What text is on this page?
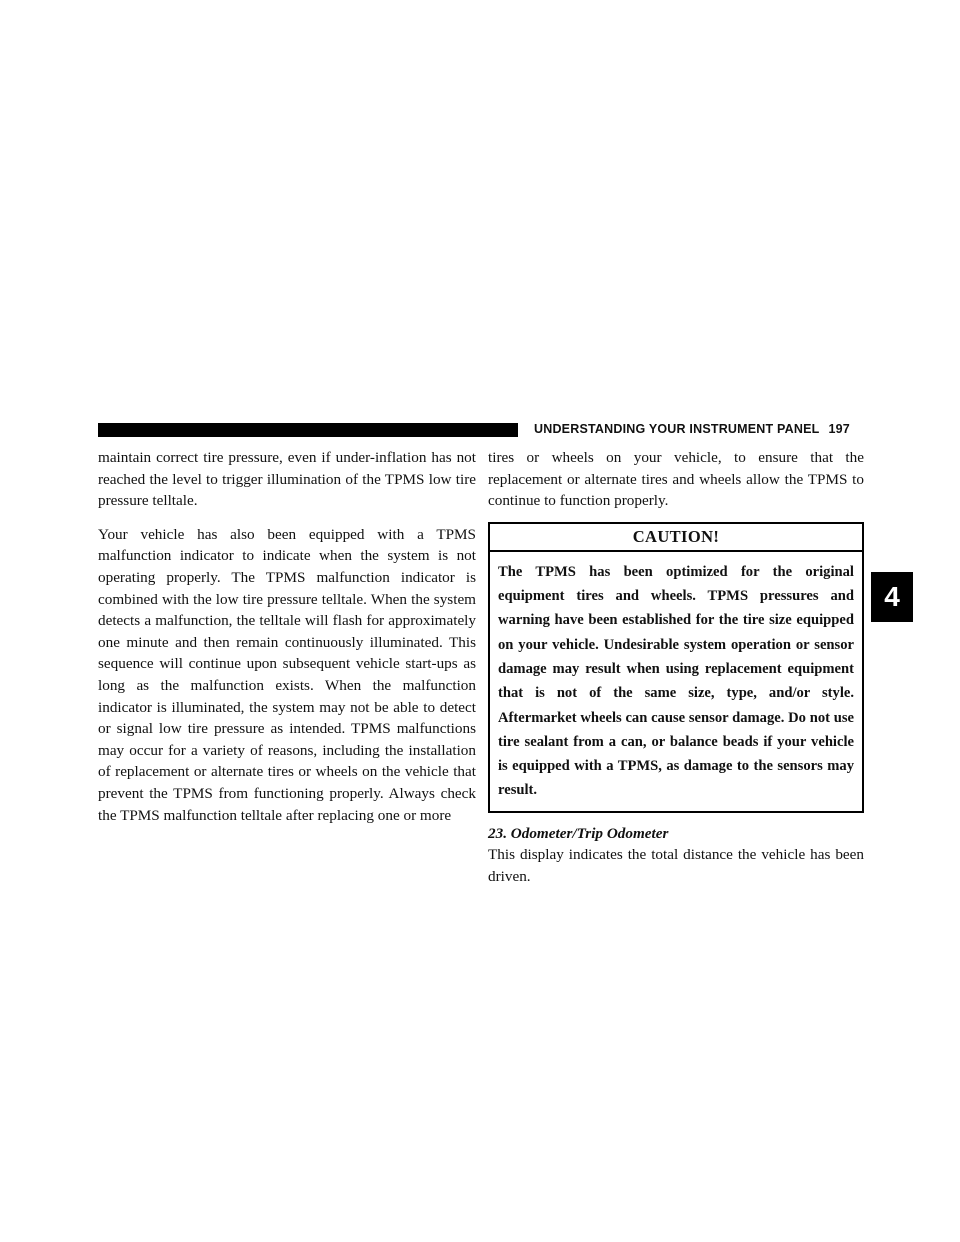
UNDERSTANDING YOUR INSTRUMENT PANEL 197

maintain correct tire pressure, even if under-inflation has not reached the level to trigger illumination of the TPMS low tire pressure telltale.

Your vehicle has also been equipped with a TPMS malfunction indicator to indicate when the system is not operating properly. The TPMS malfunction indicator is combined with the low tire pressure telltale. When the system detects a malfunction, the telltale will flash for approximately one minute and then remain continuously illuminated. This sequence will continue upon subsequent vehicle start-ups as long as the malfunction exists. When the malfunction indicator is illuminated, the system may not be able to detect or signal low tire pressure as intended. TPMS malfunctions may occur for a variety of reasons, including the installation of replacement or alternate tires or wheels on the vehicle that prevent the TPMS from functioning properly. Always check the TPMS malfunction telltale after replacing one or more

tires or wheels on your vehicle, to ensure that the replacement or alternate tires and wheels allow the TPMS to continue to function properly.

CAUTION!
The TPMS has been optimized for the original equipment tires and wheels. TPMS pressures and warning have been established for the tire size equipped on your vehicle. Undesirable system operation or sensor damage may result when using replacement equipment that is not of the same size, type, and/or style. Aftermarket wheels can cause sensor damage. Do not use tire sealant from a can, or balance beads if your vehicle is equipped with a TPMS, as damage to the sensors may result.
23. Odometer/Trip Odometer

This display indicates the total distance the vehicle has been driven.

4
